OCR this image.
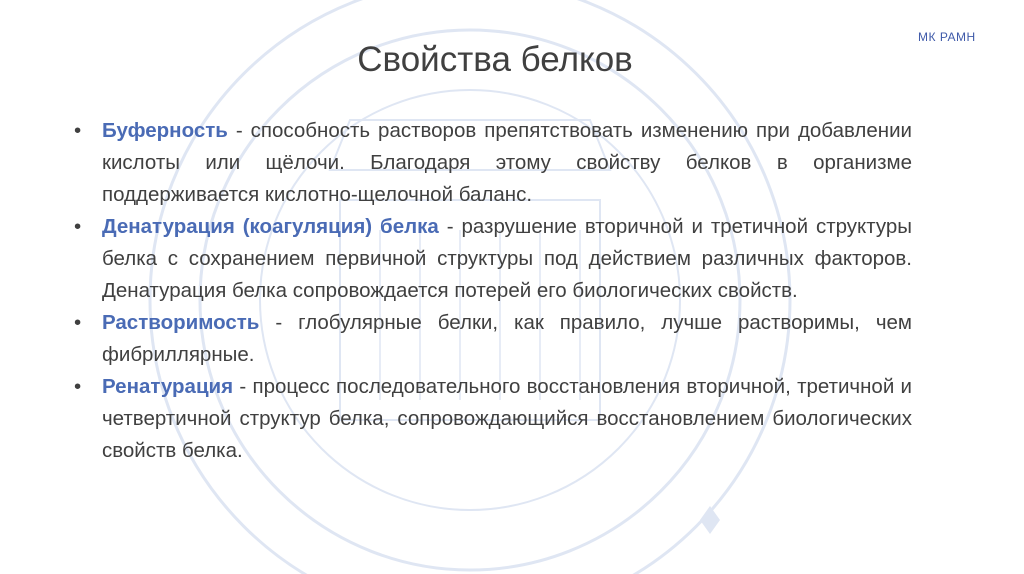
МК РАМН
Свойства белков
•	Буферность - способность растворов препятствовать изменению при добавлении кислоты или щёлочи. Благодаря этому свойству белков в организме поддерживается кислотно-щелочной баланс.
•	Денатурация (коагуляция) белка - разрушение вторичной и третичной структуры белка с сохранением первичной структуры под действием различных факторов. Денатурация белка сопровождается потерей его биологических свойств.
•	Растворимость - глобулярные белки, как правило, лучше растворимы, чем фибриллярные.
•	Ренатурация - процесс последовательного восстановления вторичной, третичной и четвертичной структур белка, сопровождающийся восстановлением биологических свойств белка.
